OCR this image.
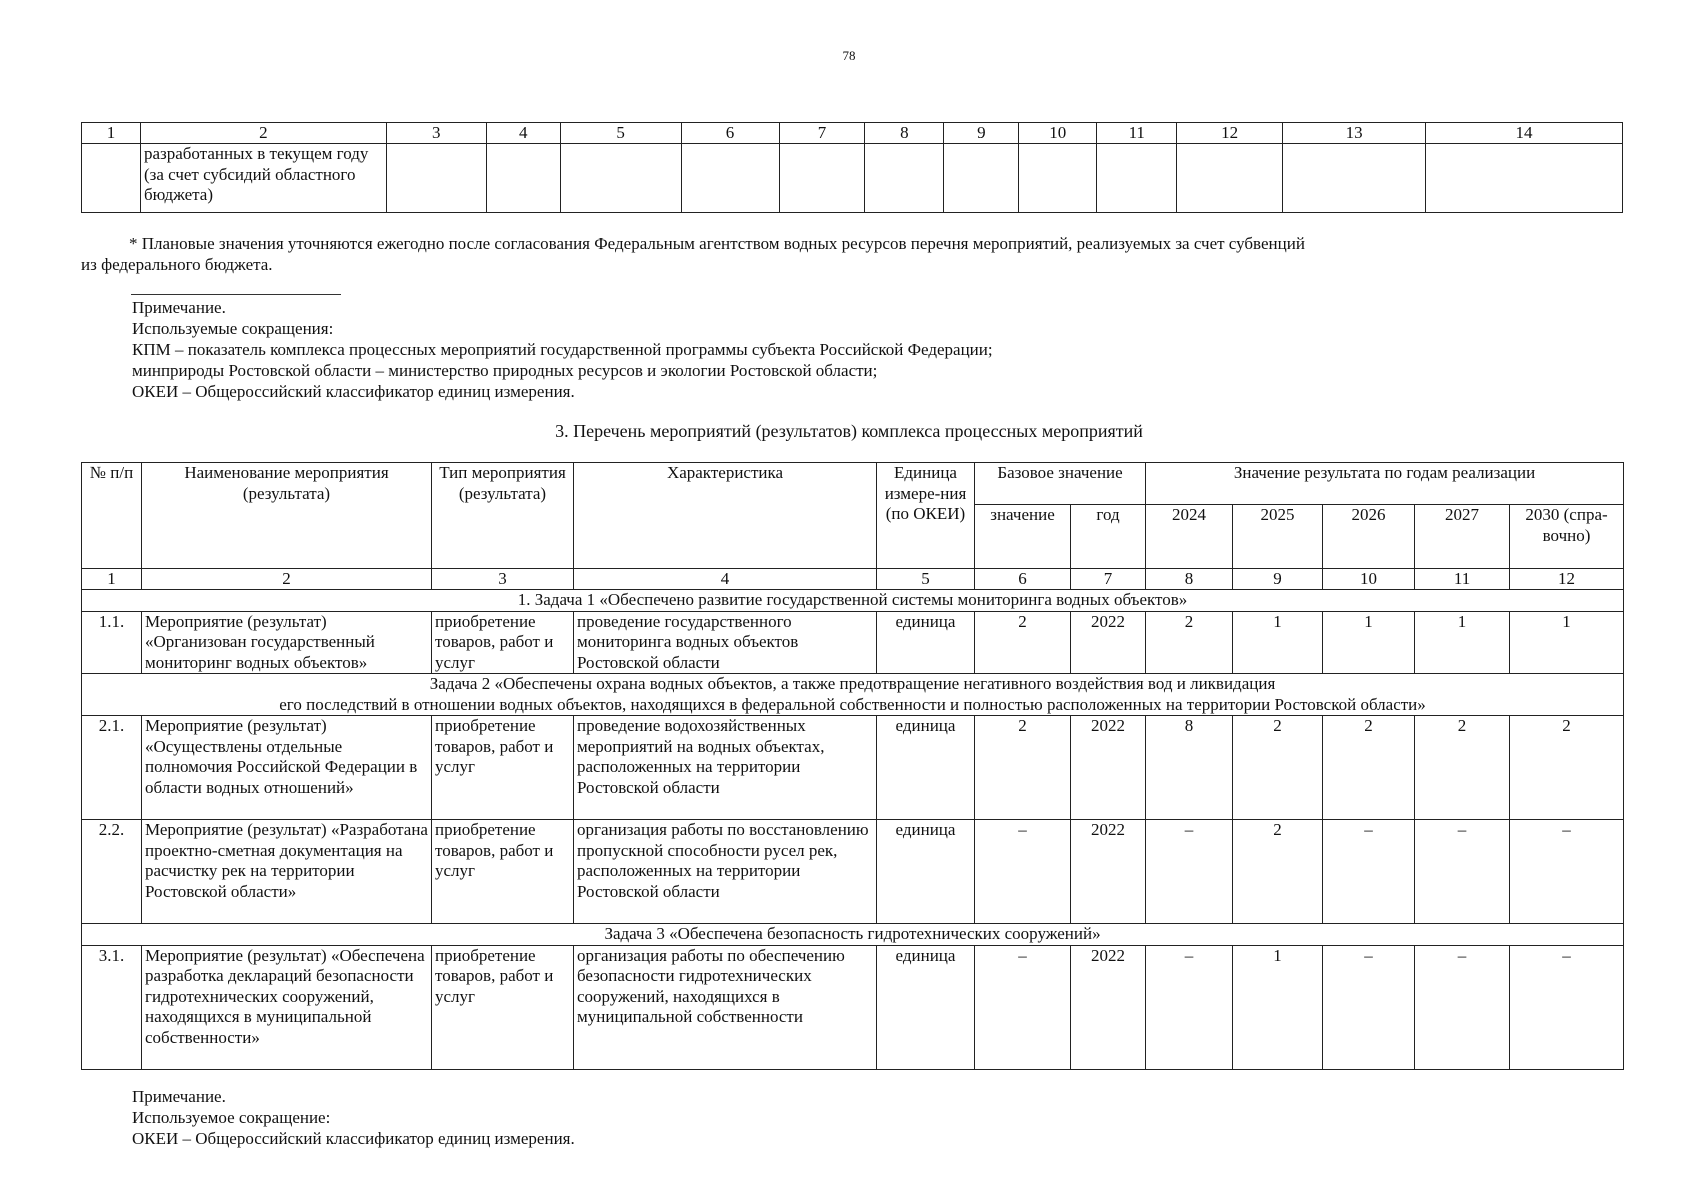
78
1	2	3	4	5	6	7	8	9	10	11	12	13	14
	разработанных в текущем году (за счет субсидий областного бюджета)												
* Плановые значения уточняются ежегодно после согласования Федеральным агентством водных ресурсов перечня мероприятий, реализуемых за счет субвенций
из федерального бюджета.
Примечание.
Используемые сокращения:
КПМ – показатель комплекса процессных мероприятий государственной программы субъекта Российской Федерации;
минприроды Ростовской области – министерство природных ресурсов и экологии Ростовской области;
ОКЕИ – Общероссийский классификатор единиц измерения.
3. Перечень мероприятий (результатов) комплекса процессных мероприятий
№ п/п	Наименование мероприятия (результата)	Тип мероприятия (результата)	Характеристика	Единица измере-ния (по ОКЕИ)	Базовое значение		Значение результата по годам реализации				
					значение	год	2024	2025	2026	2027	2030 (спра-вочно)
1	2	3	4	5	6	7	8	9	10	11	12
1. Задача 1 «Обеспечено развитие государственной системы мониторинга водных объектов»											
1.1.	Мероприятие (результат) «Организован государственный мониторинг водных объектов»	приобретение товаров, работ и услуг	проведение государственного мониторинга водных объектов Ростовской области	единица	2	2022	2	1	1	1	1

Задача 2 «Обеспечены охрана водных объектов, а также предотвращение негативного воздействия вод и ликвидация
его последствий в отношении водных объектов, находящихся в федеральной собственности и полностью расположенных на территории Ростовской области»											

2.1.	Мероприятие (результат) «Осуществлены отдельные полномочия Российской Федерации в области водных отношений»	приобретение товаров, работ и услуг	проведение водохозяйственных мероприятий на водных объектах, расположенных на территории Ростовской области	единица	2	2022	8	2	2	2	2
2.2.	Мероприятие (результат) «Разработана проектно-сметная документация на расчистку рек на территории Ростовской области»	приобретение товаров, работ и услуг	организация работы по восстановлению пропускной способности русел рек, расположенных на территории Ростовской области	единица	–	2022	–	2	–	–	–
Задача 3 «Обеспечена безопасность гидротехнических сооружений»											
3.1.	Мероприятие (результат) «Обеспечена разработка деклараций безопасности гидротехнических сооружений, находящихся в муниципальной собственности»	приобретение товаров, работ и услуг	организация работы по обеспечению безопасности гидротехнических сооружений, находящихся в муниципальной собственности	единица	–	2022	–	1	–	–	–
Примечание.
Используемое сокращение:
ОКЕИ – Общероссийский классификатор единиц измерения.
